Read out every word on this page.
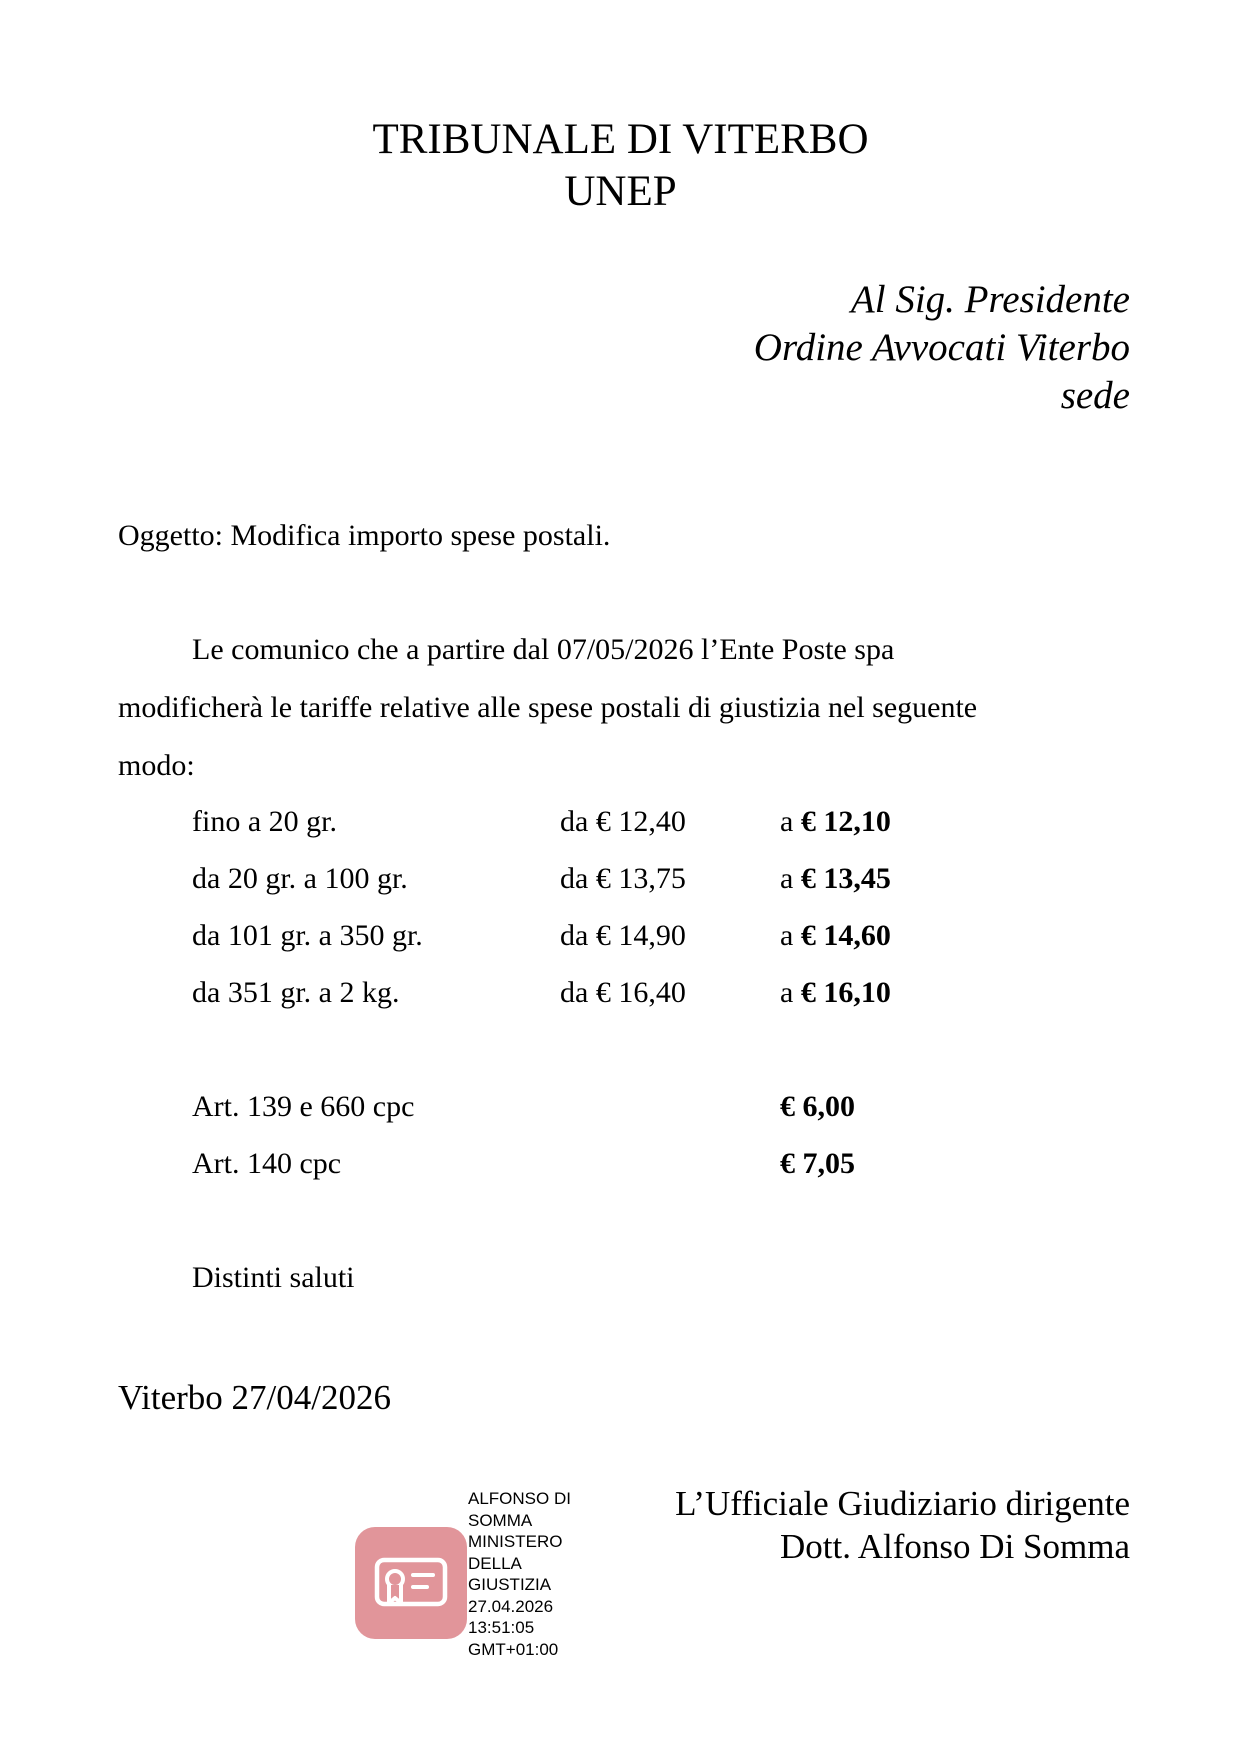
TRIBUNALE DI VITERBO
UNEP
Al Sig. Presidente
Ordine Avvocati Viterbo
sede
Oggetto: Modifica importo spese postali.
Le comunico che a partire dal 07/05/2026 l’Ente Poste spa
modificherà le tariffe relative alle spese postali di giustizia nel seguente
modo:
fino a 20 gr.	da € 12,40	a € 12,10
da 20 gr. a 100 gr.	da € 13,75	a € 13,45
da 101 gr. a 350 gr.	da € 14,90	a € 14,60
da 351 gr. a 2 kg.	da € 16,40	a € 16,10
Art. 139 e 660 cpc	€ 6,00
Art. 140 cpc	€ 7,05
Distinti saluti
Viterbo 27/04/2026
L’Ufficiale Giudiziario dirigente
Dott. Alfonso Di Somma
ALFONSO DI
SOMMA
MINISTERO
DELLA
GIUSTIZIA
27.04.2026
13:51:05
GMT+01:00
